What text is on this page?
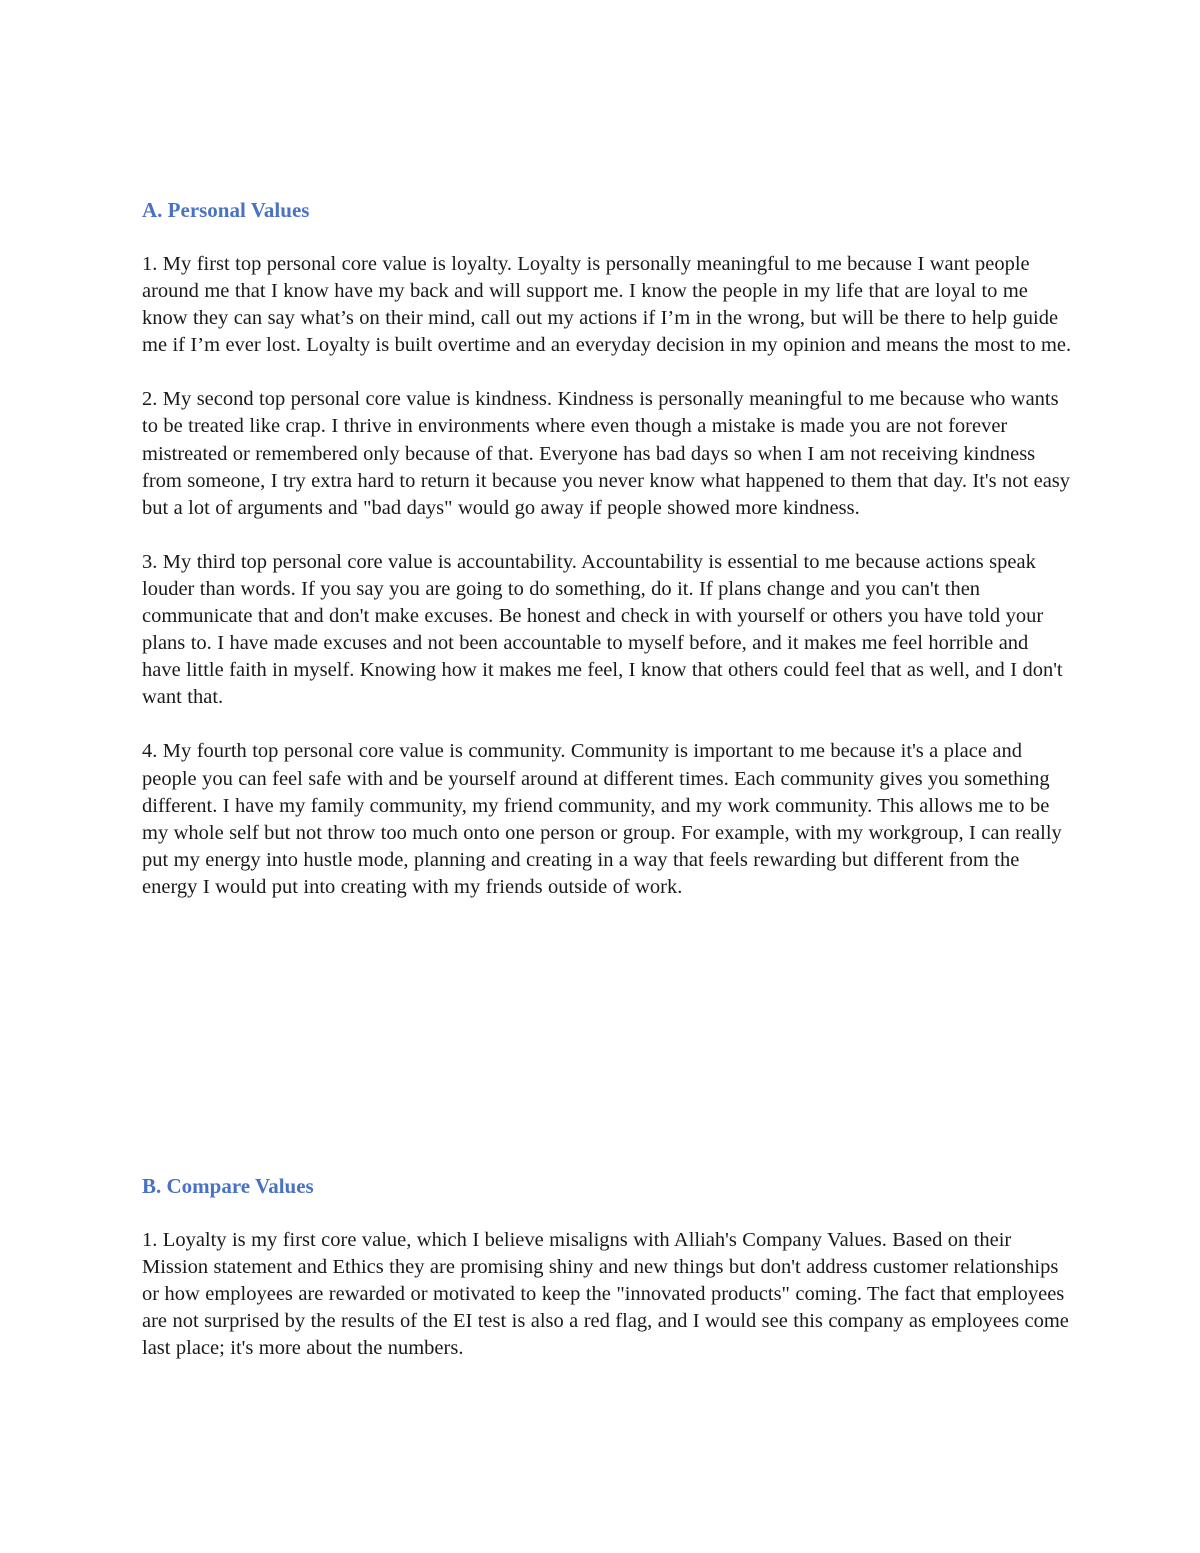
A. Personal Values

1. My first top personal core value is loyalty. Loyalty is personally meaningful to me because I want people around me that I know have my back and will support me. I know the people in my life that are loyal to me know they can say what’s on their mind, call out my actions if I’m in the wrong, but will be there to help guide me if I’m ever lost. Loyalty is built overtime and an everyday decision in my opinion and means the most to me.

2. My second top personal core value is kindness. Kindness is personally meaningful to me because who wants to be treated like crap. I thrive in environments where even though a mistake is made you are not forever mistreated or remembered only because of that. Everyone has bad days so when I am not receiving kindness from someone, I try extra hard to return it because you never know what happened to them that day. It's not easy but a lot of arguments and "bad days" would go away if people showed more kindness.

3. My third top personal core value is accountability. Accountability is essential to me because actions speak louder than words. If you say you are going to do something, do it. If plans change and you can't then communicate that and don't make excuses. Be honest and check in with yourself or others you have told your plans to. I have made excuses and not been accountable to myself before, and it makes me feel horrible and have little faith in myself. Knowing how it makes me feel, I know that others could feel that as well, and I don't want that.

4. My fourth top personal core value is community. Community is important to me because it's a place and people you can feel safe with and be yourself around at different times. Each community gives you something different. I have my family community, my friend community, and my work community. This allows me to be my whole self but not throw too much onto one person or group. For example, with my workgroup, I can really put my energy into hustle mode, planning and creating in a way that feels rewarding but different from the energy I would put into creating with my friends outside of work.

B. Compare Values

1. Loyalty is my first core value, which I believe misaligns with Alliah's Company Values. Based on their Mission statement and Ethics they are promising shiny and new things but don't address customer relationships or how employees are rewarded or motivated to keep the "innovated products" coming. The fact that employees are not surprised by the results of the EI test is also a red flag, and I would see this company as employees come last place; it's more about the numbers.
